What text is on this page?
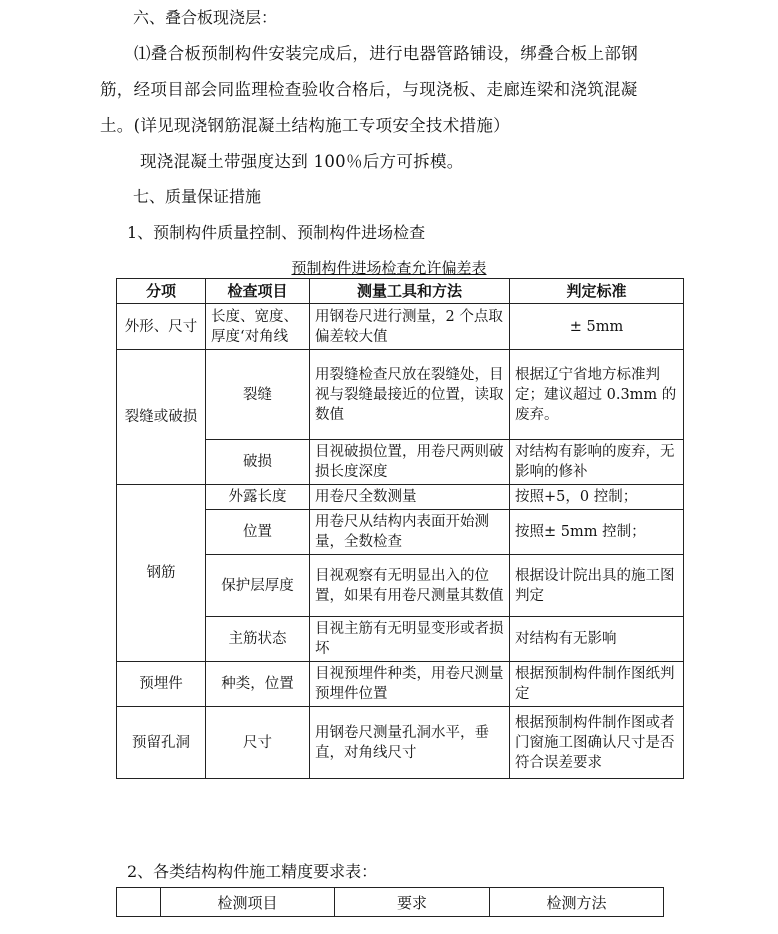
六、叠合板现浇层：
⑴叠合板预制构件安装完成后，进行电器管路铺设，绑叠合板上部钢
筋，经项目部会同监理检查验收合格后，与现浇板、走廊连梁和浇筑混凝
土。(详见现浇钢筋混凝土结构施工专项安全技术措施）
现浇混凝土带强度达到 100％后方可拆模。
七、质量保证措施
1、预制构件质量控制、预制构件进场检查
预制构件进场检查允许偏差表
分项	检查项目	测量工具和方法	判定标准
外形、尺寸	长度、宽度、厚度‘对角线	用钢卷尺进行测量，2 个点取偏差较大值	± 5mm
裂缝或破损	裂缝	用裂缝检查尺放在裂缝处，目视与裂缝最接近的位置，读取数值	根据辽宁省地方标准判定；建议超过 0.3mm 的废弃。
	破损	目视破损位置，用卷尺两则破损长度深度	对结构有影响的废弃，无影响的修补
钢筋	外露长度	用卷尺全数测量	按照+5，0 控制；
	位置	用卷尺从结构内表面开始测量，全数检查	按照± 5mm 控制；
	保护层厚度	目视观察有无明显出入的位置，如果有用卷尺测量其数值	根据设计院出具的施工图判定
	主筋状态	目视主筋有无明显变形或者损坏	对结构有无影响
预埋件	种类，位置	目视预埋件种类，用卷尺测量预埋件位置	根据预制构件制作图纸判定
预留孔洞	尺寸	用钢卷尺测量孔洞水平，垂直，对角线尺寸	根据预制构件制作图或者门窗施工图确认尺寸是否符合误差要求
2、各类结构构件施工精度要求表：
	检测项目	要求	检测方法
